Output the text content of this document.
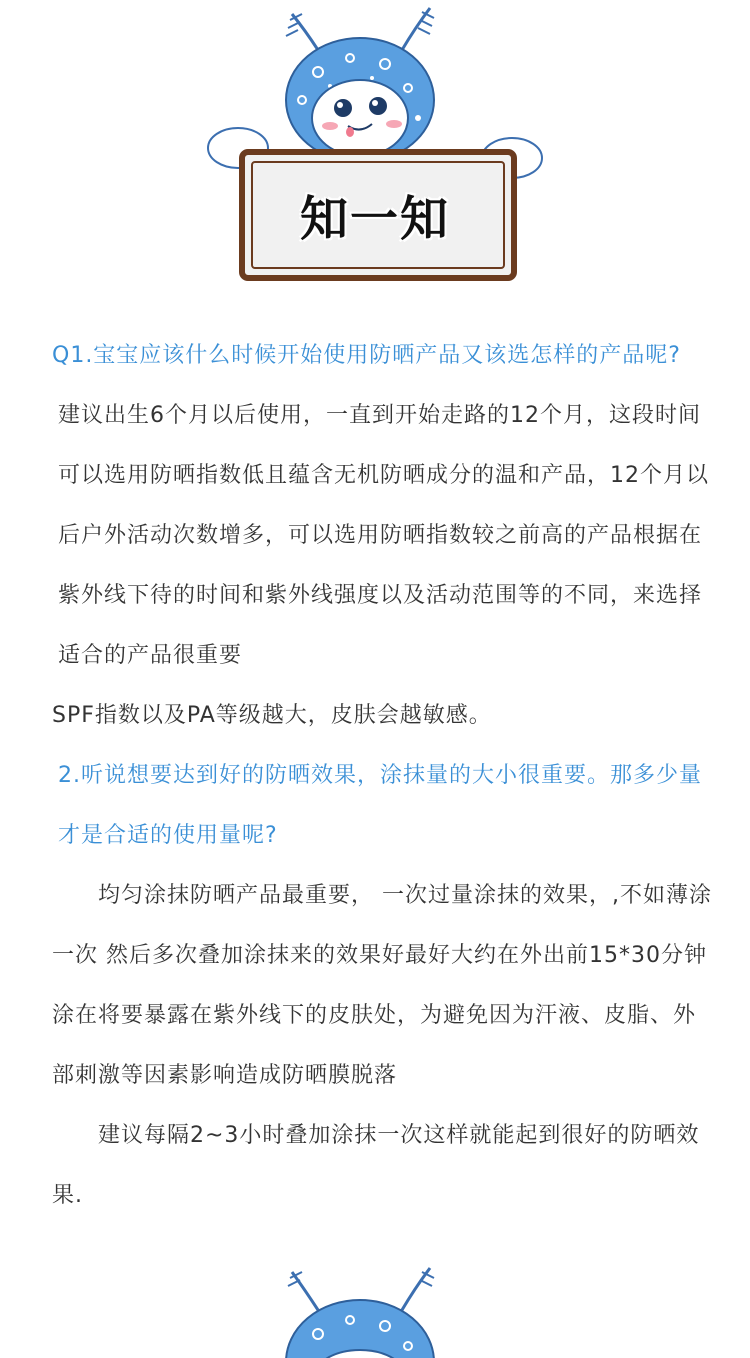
知一知

Q1.宝宝应该什么时候开始使用防晒产品又该选怎样的产品呢?

建议出生6个月以后使用，一直到开始走路的12个月，这段时间可以选用防晒指数低且蕴含无机防晒成分的温和产品，12个月以后户外活动次数增多，可以选用防晒指数较之前高的产品根据在紫外线下待的时间和紫外线强度以及活动范围等的不同，来选择适合的产品很重要

SPF指数以及PA等级越大，皮肤会越敏感。

2.听说想要达到好的防晒效果，涂抹量的大小很重要。那多少量才是合适的使用量呢?

均匀涂抹防晒产品最重要， 一次过量涂抹的效果，,不如薄涂一次 然后多次叠加涂抹来的效果好最好大约在外出前15*30分钟涂在将要暴露在紫外线下的皮肤处，为避免因为汗液、皮脂、外部刺激等因素影响造成防晒膜脱落

建议每隔2~3小时叠加涂抹一次这样就能起到很好的防晒效果.
